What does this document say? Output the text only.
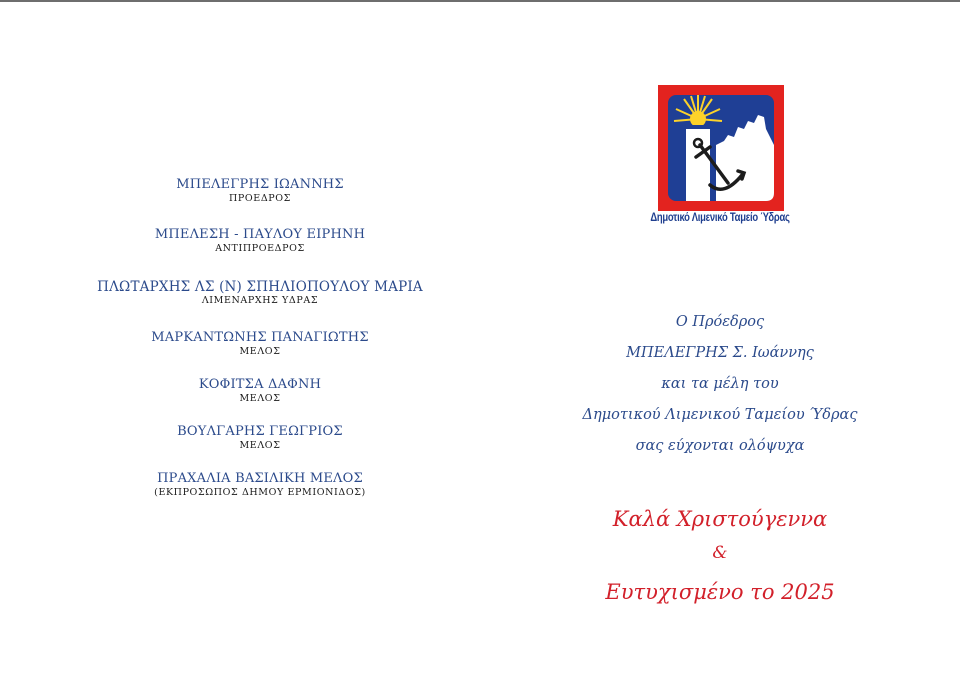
ΜΠΕΛΕΓΡΗΣ ΙΩΑΝΝΗΣ
ΠΡΟΕΔΡΟΣ
ΜΠΕΛΕΣΗ - ΠΑΥΛΟΥ ΕΙΡΗΝΗ
ΑΝΤΙΠΡΟΕΔΡΟΣ
ΠΛΩΤΑΡΧΗΣ ΛΣ (Ν) ΣΠΗΛΙΟΠΟΥΛΟΥ ΜΑΡΙΑ
ΛΙΜΕΝΑΡΧΗΣ ΥΔΡΑΣ
ΜΑΡΚΑΝΤΩΝΗΣ ΠΑΝΑΓΙΩΤΗΣ
ΜΕΛΟΣ
ΚΟΦΙΤΣΑ ΔΑΦΝΗ
ΜΕΛΟΣ
ΒΟΥΛΓΑΡΗΣ ΓΕΩΓΡΙΟΣ
ΜΕΛΟΣ
ΠΡΑΧΑΛΙΑ ΒΑΣΙΛΙΚΗ ΜΕΛΟΣ
(ΕΚΠΡΟΣΩΠΟΣ ΔΗΜΟΥ ΕΡΜΙΟΝΙΔΟΣ)
Δημοτικό Λιμενικό Ταμείο Ύδρας
Ο Πρόεδρος
ΜΠΕΛΕΓΡΗΣ Σ. Ιωάννης
και τα μέλη του
Δημοτικού Λιμενικού Ταμείου Ύδρας
σας εύχονται ολόψυχα
Καλά Χριστούγεννα
&
Ευτυχισμένο το 2025
